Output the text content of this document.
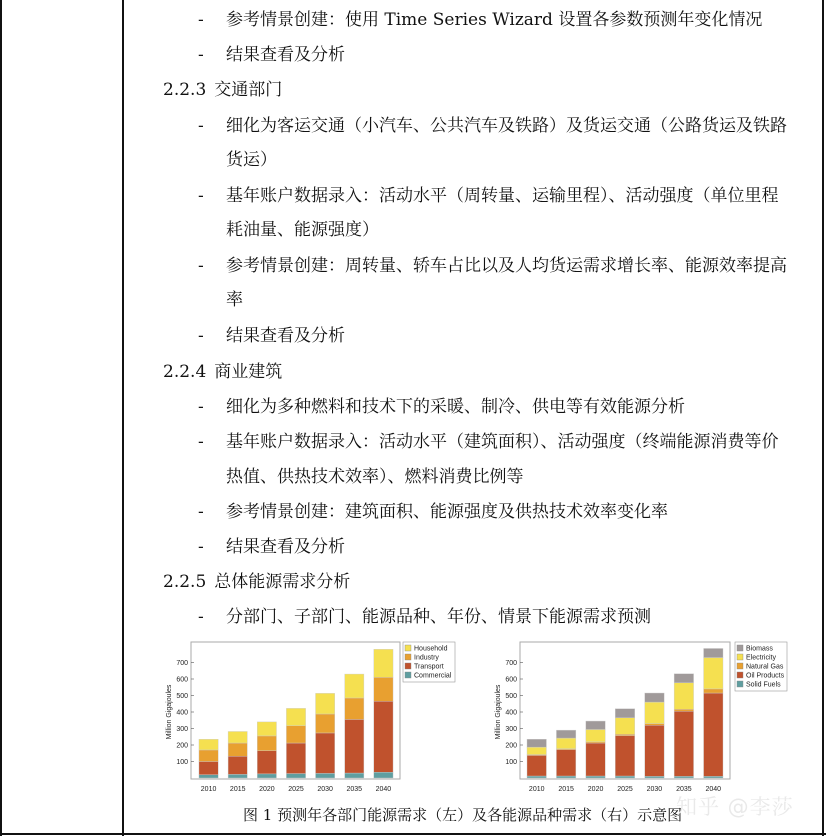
- 参考情景创建：使用 Time Series Wizard 设置各参数预测年变化情况
- 结果查看及分析
2.2.3 交通部门
- 细化为客运交通（小汽车、公共汽车及铁路）及货运交通（公路货运及铁路
货运）
- 基年账户数据录入：活动水平（周转量、运输里程）、活动强度（单位里程
耗油量、能源强度）
- 参考情景创建：周转量、轿车占比以及人均货运需求增长率、能源效率提高
率
- 结果查看及分析
2.2.4 商业建筑
- 细化为多种燃料和技术下的采暖、制冷、供电等有效能源分析
- 基年账户数据录入：活动水平（建筑面积）、活动强度（终端能源消费等价
热值、供热技术效率）、燃料消费比例等
- 参考情景创建：建筑面积、能源强度及供热技术效率变化率
- 结果查看及分析
2.2.5 总体能源需求分析
- 分部门、子部门、能源品种、年份、情景下能源需求预测
100
200
300
400
500
600
700
Million Gigajoules
2010 2015 2020 2025 2030 2035 2040
Household
Industry
Transport
Commercial
100
200
300
400
500
600
700
Million Gigajoules
2010 2015 2020 2025 2030 2035 2040
Biomass
Electricity
Natural Gas
Oil Products
Solid Fuels
图 1 预测年各部门能源需求（左）及各能源品种需求（右）示意图
知乎 @李莎
